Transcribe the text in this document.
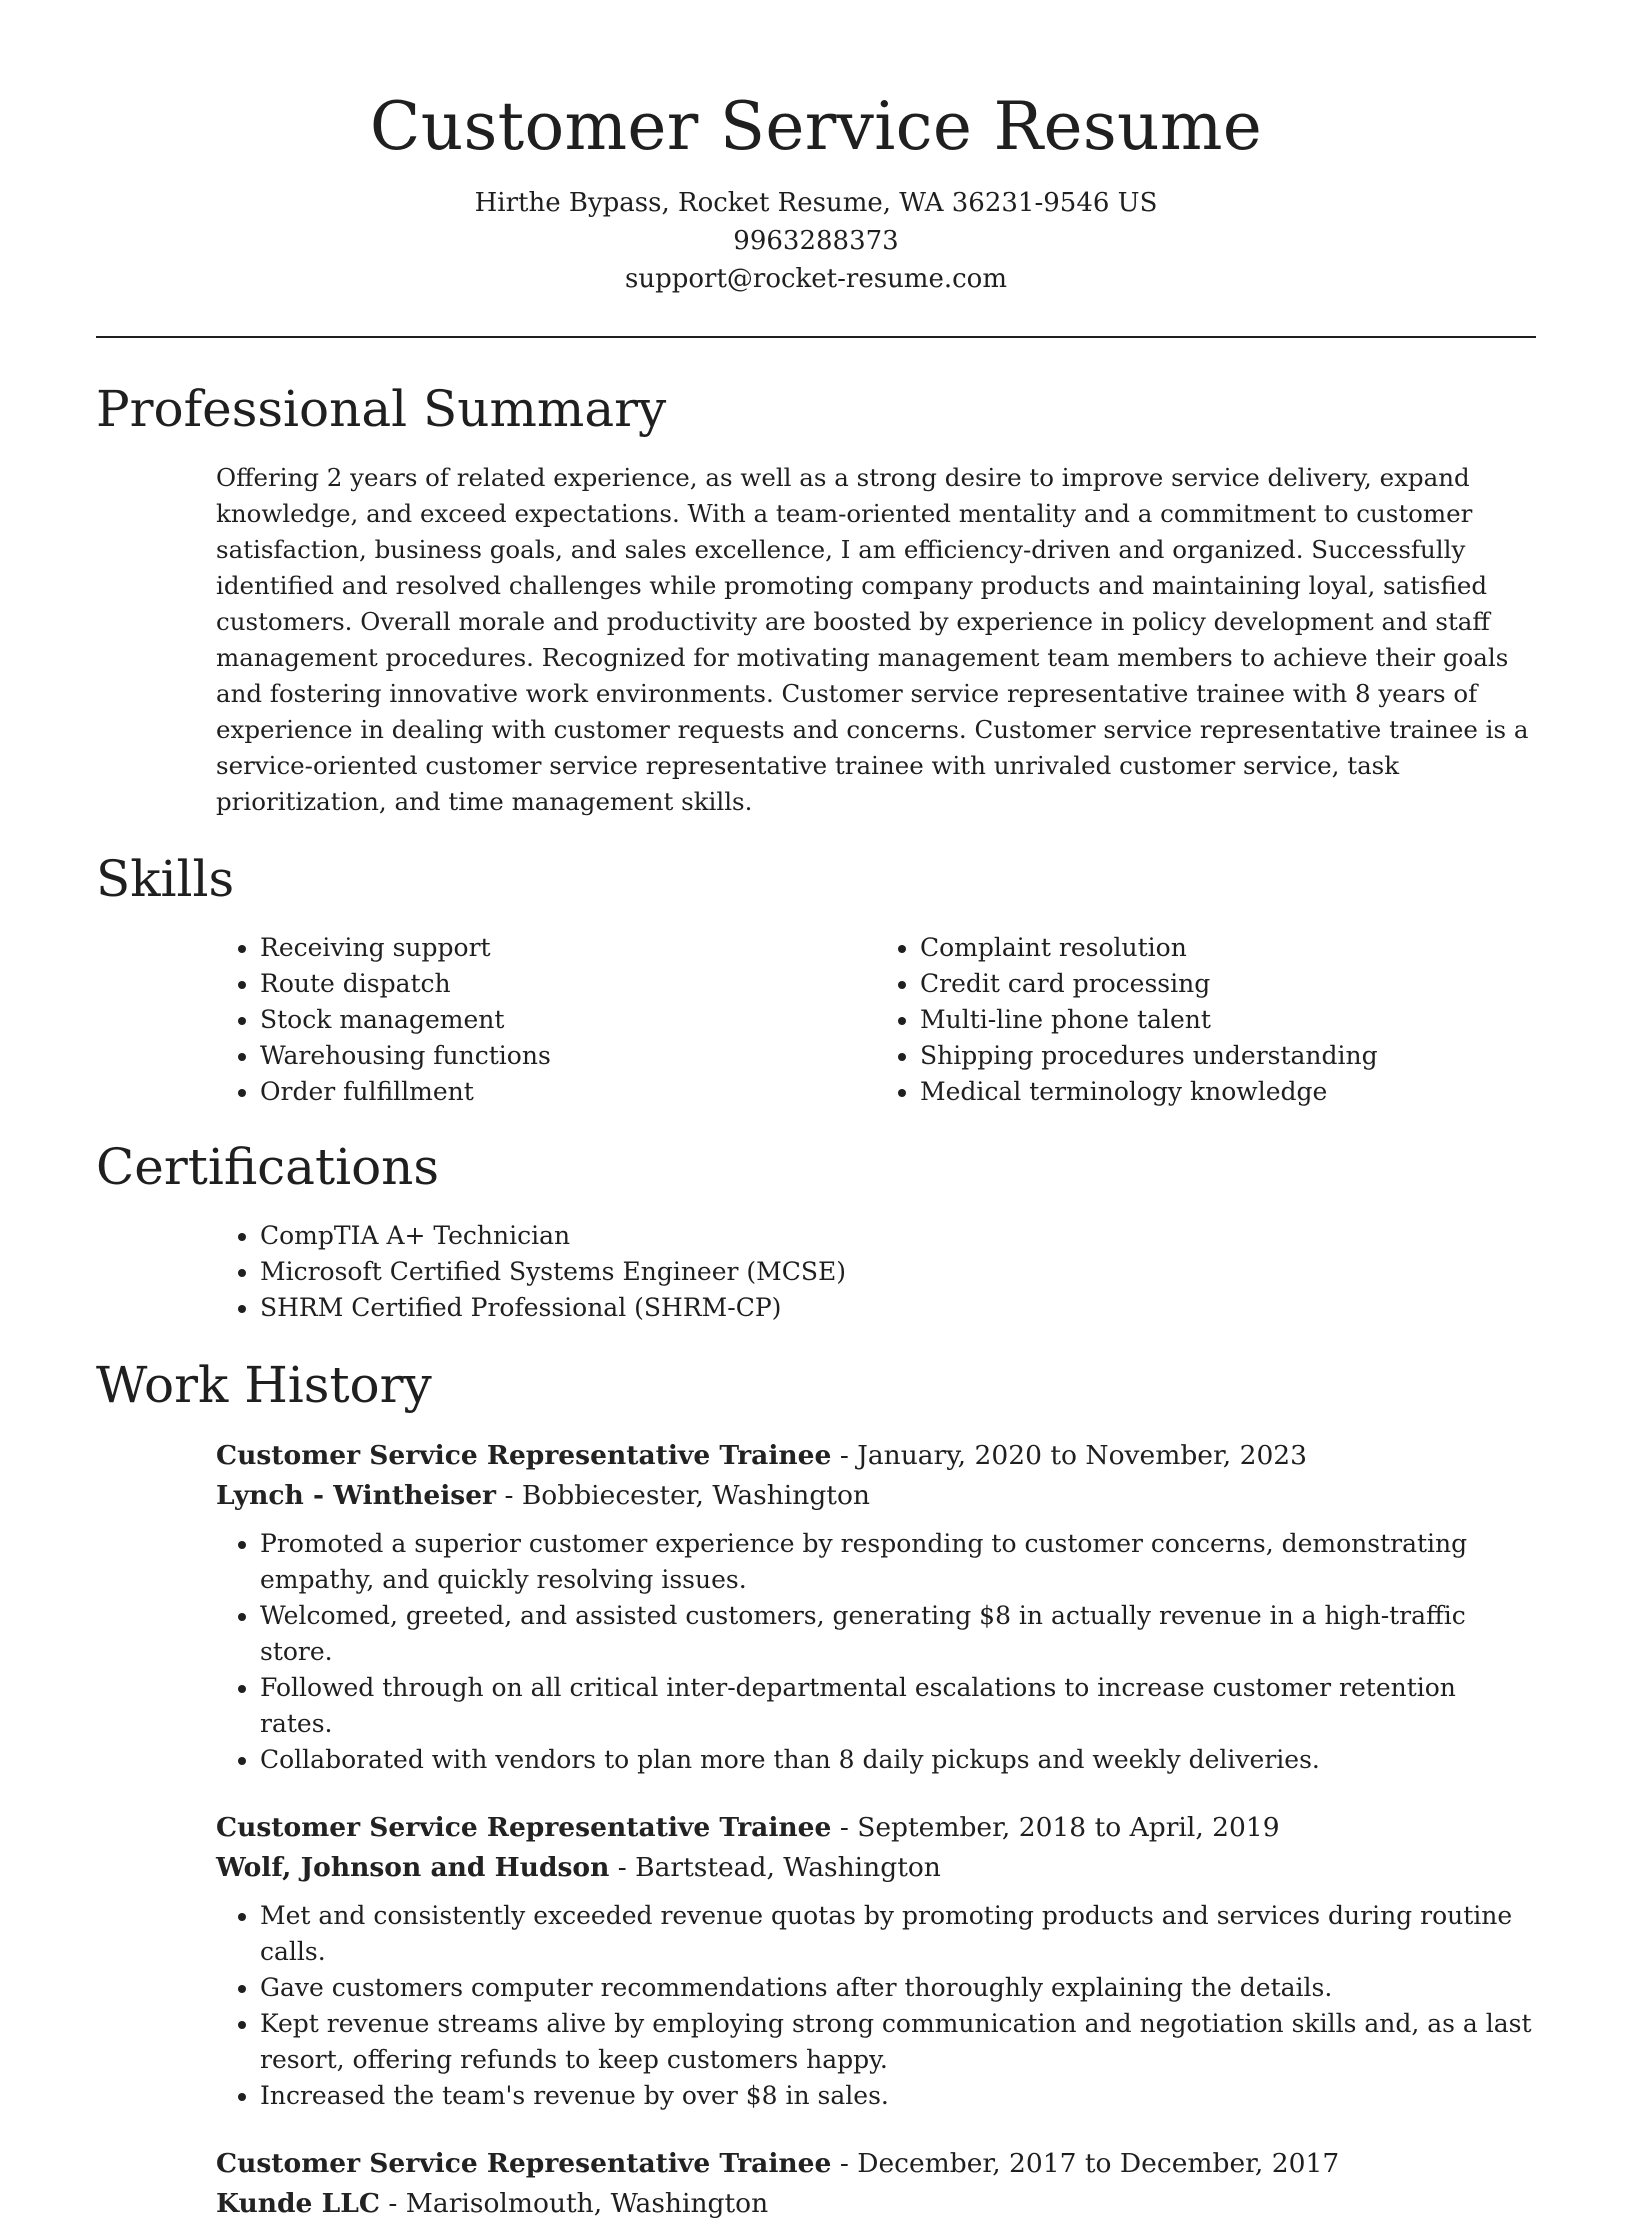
Customer Service Resume
Hirthe Bypass, Rocket Resume, WA 36231-9546 US
9963288373
support@rocket-resume.com
Professional Summary

Offering 2 years of related experience, as well as a strong desire to improve service delivery, expand knowledge, and exceed expectations. With a team-oriented mentality and a commitment to customer satisfaction, business goals, and sales excellence, I am efficiency-driven and organized. Successfully identified and resolved challenges while promoting company products and maintaining loyal, satisfied customers. Overall morale and productivity are boosted by experience in policy development and staff management procedures. Recognized for motivating management team members to achieve their goals and fostering innovative work environments. Customer service representative trainee with 8 years of experience in dealing with customer requests and concerns. Customer service representative trainee is a service-oriented customer service representative trainee with unrivaled customer service, task prioritization, and time management skills.

Skills
• Receiving support
• Route dispatch
• Stock management
• Warehousing functions
• Order fulfillment
• Complaint resolution
• Credit card processing
• Multi-line phone talent
• Shipping procedures understanding
• Medical terminology knowledge
Certifications
• CompTIA A+ Technician
• Microsoft Certified Systems Engineer (MCSE)
• SHRM Certified Professional (SHRM-CP)
Work History
Customer Service Representative Trainee - January, 2020 to November, 2023
Lynch - Wintheiser - Bobbiecester, Washington
• Promoted a superior customer experience by responding to customer concerns, demonstrating empathy, and quickly resolving issues.
• Welcomed, greeted, and assisted customers, generating $8 in actually revenue in a high-traffic store.
• Followed through on all critical inter-departmental escalations to increase customer retention rates.
• Collaborated with vendors to plan more than 8 daily pickups and weekly deliveries.
Customer Service Representative Trainee - September, 2018 to April, 2019
Wolf, Johnson and Hudson - Bartstead, Washington
• Met and consistently exceeded revenue quotas by promoting products and services during routine calls.
• Gave customers computer recommendations after thoroughly explaining the details.
• Kept revenue streams alive by employing strong communication and negotiation skills and, as a last resort, offering refunds to keep customers happy.
• Increased the team's revenue by over $8 in sales.
Customer Service Representative Trainee - December, 2017 to December, 2017
Kunde LLC - Marisolmouth, Washington
